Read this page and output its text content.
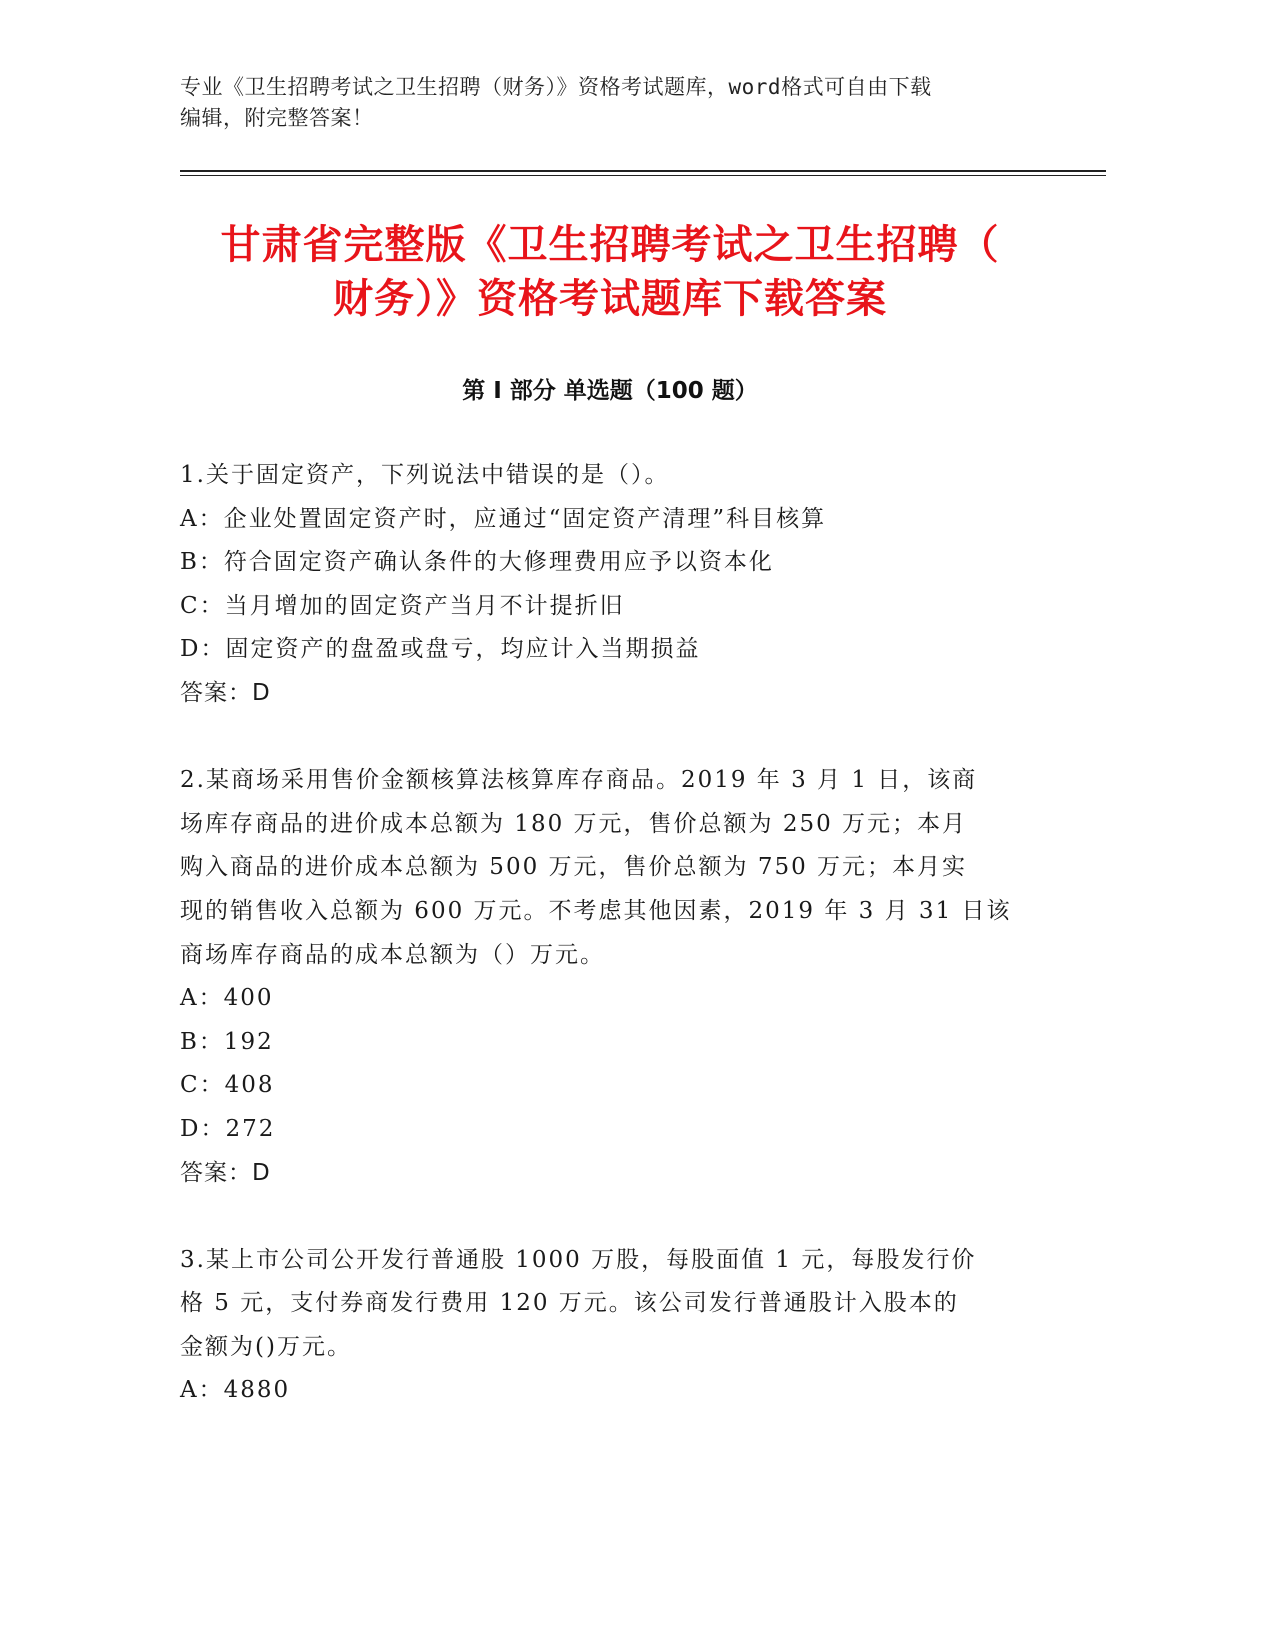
专业《卫生招聘考试之卫生招聘（财务）》资格考试题库，word格式可自由下载
编辑，附完整答案！
甘肃省完整版《卫生招聘考试之卫生招聘（
财务）》资格考试题库下载答案
第 I 部分 单选题（100 题）

1.关于固定资产，下列说法中错误的是（）。

A：企业处置固定资产时，应通过“固定资产清理”科目核算

B：符合固定资产确认条件的大修理费用应予以资本化

C：当月增加的固定资产当月不计提折旧

D：固定资产的盘盈或盘亏，均应计入当期损益

答案：D

2.某商场采用售价金额核算法核算库存商品。2019 年 3 月 1 日，该商

场库存商品的进价成本总额为 180 万元，售价总额为 250 万元；本月

购入商品的进价成本总额为 500 万元，售价总额为 750 万元；本月实

现的销售收入总额为 600 万元。不考虑其他因素，2019 年 3 月 31 日该

商场库存商品的成本总额为（）万元。

A：400

B：192

C：408

D：272

答案：D

3.某上市公司公开发行普通股 1000 万股，每股面值 1 元，每股发行价

格 5 元，支付券商发行费用 120 万元。该公司发行普通股计入股本的

金额为()万元。

A：4880
